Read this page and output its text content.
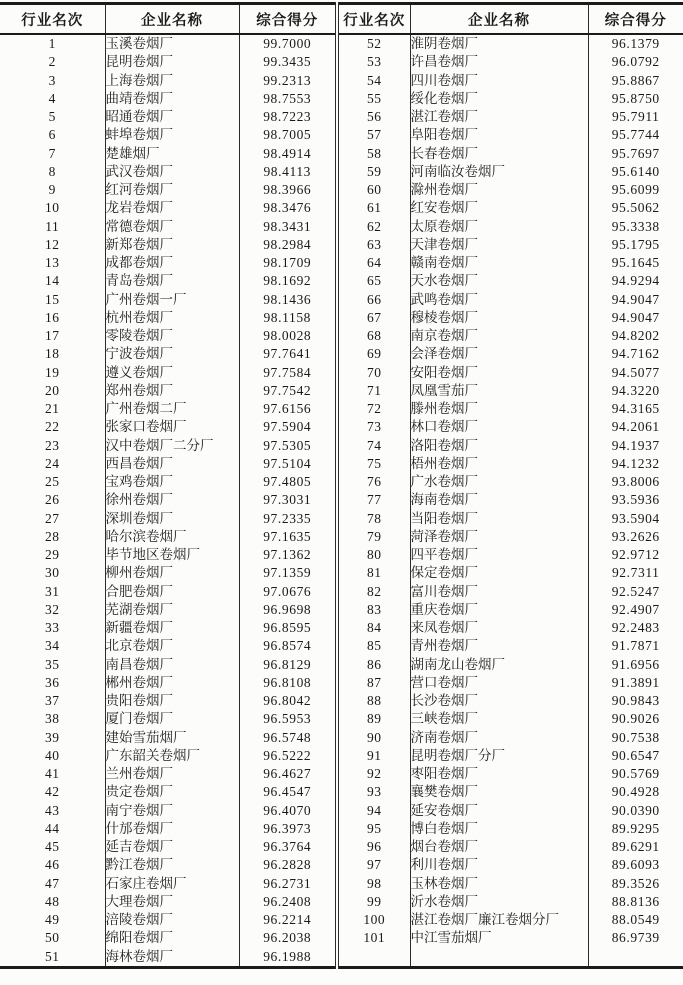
行业名次	企业名称	综合得分	行业名次	企业名称	综合得分
1	玉溪卷烟厂	99.7000	52	淮阴卷烟厂	96.1379
2	昆明卷烟厂	99.3435	53	许昌卷烟厂	96.0792
3	上海卷烟厂	99.2313	54	四川卷烟厂	95.8867
4	曲靖卷烟厂	98.7553	55	绥化卷烟厂	95.8750
5	昭通卷烟厂	98.7223	56	湛江卷烟厂	95.7911
6	蚌埠卷烟厂	98.7005	57	阜阳卷烟厂	95.7744
7	楚雄烟厂	98.4914	58	长春卷烟厂	95.7697
8	武汉卷烟厂	98.4113	59	河南临汝卷烟厂	95.6140
9	红河卷烟厂	98.3966	60	滁州卷烟厂	95.6099
10	龙岩卷烟厂	98.3476	61	红安卷烟厂	95.5062
11	常德卷烟厂	98.3431	62	太原卷烟厂	95.3338
12	新郑卷烟厂	98.2984	63	天津卷烟厂	95.1795
13	成都卷烟厂	98.1709	64	赣南卷烟厂	95.1645
14	青岛卷烟厂	98.1692	65	天水卷烟厂	94.9294
15	广州卷烟一厂	98.1436	66	武鸣卷烟厂	94.9047
16	杭州卷烟厂	98.1158	67	穆棱卷烟厂	94.9047
17	零陵卷烟厂	98.0028	68	南京卷烟厂	94.8202
18	宁波卷烟厂	97.7641	69	会泽卷烟厂	94.7162
19	遵义卷烟厂	97.7584	70	安阳卷烟厂	94.5077
20	郑州卷烟厂	97.7542	71	凤凰雪茄厂	94.3220
21	广州卷烟二厂	97.6156	72	滕州卷烟厂	94.3165
22	张家口卷烟厂	97.5904	73	林口卷烟厂	94.2061
23	汉中卷烟厂二分厂	97.5305	74	洛阳卷烟厂	94.1937
24	西昌卷烟厂	97.5104	75	梧州卷烟厂	94.1232
25	宝鸡卷烟厂	97.4805	76	广水卷烟厂	93.8006
26	徐州卷烟厂	97.3031	77	海南卷烟厂	93.5936
27	深圳卷烟厂	97.2335	78	当阳卷烟厂	93.5904
28	哈尔滨卷烟厂	97.1635	79	菏泽卷烟厂	93.2626
29	毕节地区卷烟厂	97.1362	80	四平卷烟厂	92.9712
30	柳州卷烟厂	97.1359	81	保定卷烟厂	92.7311
31	合肥卷烟厂	97.0676	82	富川卷烟厂	92.5247
32	芜湖卷烟厂	96.9698	83	重庆卷烟厂	92.4907
33	新疆卷烟厂	96.8595	84	来凤卷烟厂	92.2483
34	北京卷烟厂	96.8574	85	青州卷烟厂	91.7871
35	南昌卷烟厂	96.8129	86	湖南龙山卷烟厂	91.6956
36	郴州卷烟厂	96.8108	87	营口卷烟厂	91.3891
37	贵阳卷烟厂	96.8042	88	长沙卷烟厂	90.9843
38	厦门卷烟厂	96.5953	89	三峡卷烟厂	90.9026
39	建始雪茄烟厂	96.5748	90	济南卷烟厂	90.7538
40	广东韶关卷烟厂	96.5222	91	昆明卷烟厂分厂	90.6547
41	兰州卷烟厂	96.4627	92	枣阳卷烟厂	90.5769
42	贵定卷烟厂	96.4547	93	襄樊卷烟厂	90.4928
43	南宁卷烟厂	96.4070	94	延安卷烟厂	90.0390
44	什邡卷烟厂	96.3973	95	博白卷烟厂	89.9295
45	延吉卷烟厂	96.3764	96	烟台卷烟厂	89.6291
46	黔江卷烟厂	96.2828	97	利川卷烟厂	89.6093
47	石家庄卷烟厂	96.2731	98	玉林卷烟厂	89.3526
48	大理卷烟厂	96.2408	99	沂水卷烟厂	88.8136
49	涪陵卷烟厂	96.2214	100	湛江卷烟厂廉江卷烟分厂	88.0549
50	绵阳卷烟厂	96.2038	101	中江雪茄烟厂	86.9739
51	海林卷烟厂	96.1988			
